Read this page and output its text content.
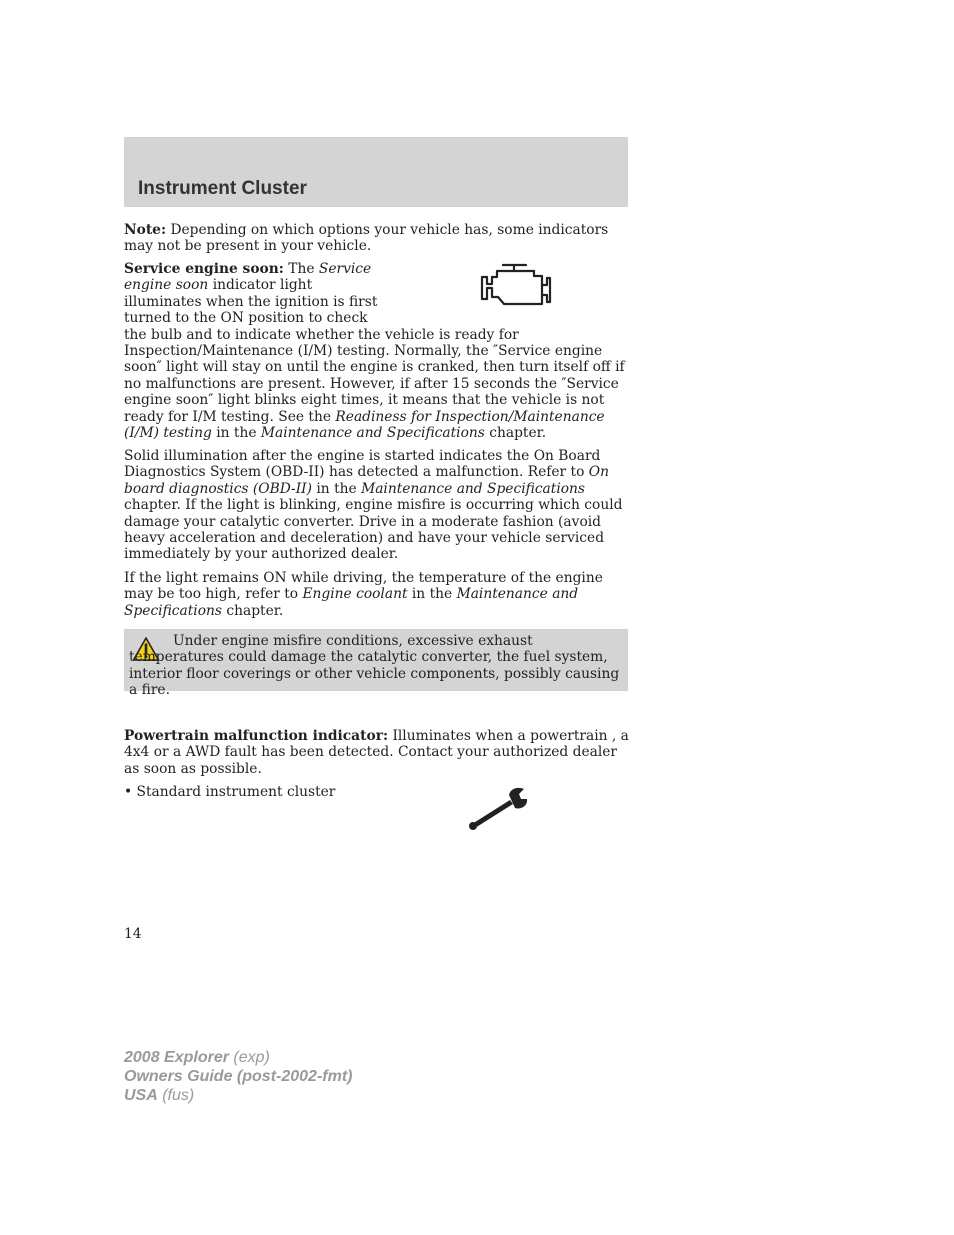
Instrument Cluster

Note: Depending on which options your vehicle has, some indicators may not be present in your vehicle.

Service engine soon: The Service
engine soon indicator light
illuminates when the ignition is first
turned to the ON position to check
the bulb and to indicate whether the vehicle is ready for Inspection/Maintenance (I/M) testing. Normally, the ″Service engine soon″ light will stay on until the engine is cranked, then turn itself off if no malfunctions are present. However, if after 15 seconds the ″Service engine soon″ light blinks eight times, it means that the vehicle is not ready for I/M testing. See the Readiness for Inspection/Maintenance (I/M) testing in the Maintenance and Specifications chapter.

Solid illumination after the engine is started indicates the On Board Diagnostics System (OBD-II) has detected a malfunction. Refer to On board diagnostics (OBD-II) in the Maintenance and Specifications chapter. If the light is blinking, engine misfire is occurring which could damage your catalytic converter. Drive in a moderate fashion (avoid heavy acceleration and deceleration) and have your vehicle serviced immediately by your authorized dealer.

If the light remains ON while driving, the temperature of the engine may be too high, refer to Engine coolant in the Maintenance and Specifications chapter.

Under engine misfire conditions, excessive exhaust temperatures could damage the catalytic converter, the fuel system, interior floor coverings or other vehicle components, possibly causing a fire.

Powertrain malfunction indicator: Illuminates when a powertrain , a 4x4 or a AWD fault has been detected. Contact your authorized dealer as soon as possible.

• Standard instrument cluster

14

2008 Explorer (exp)
Owners Guide (post-2002-fmt)
USA (fus)
